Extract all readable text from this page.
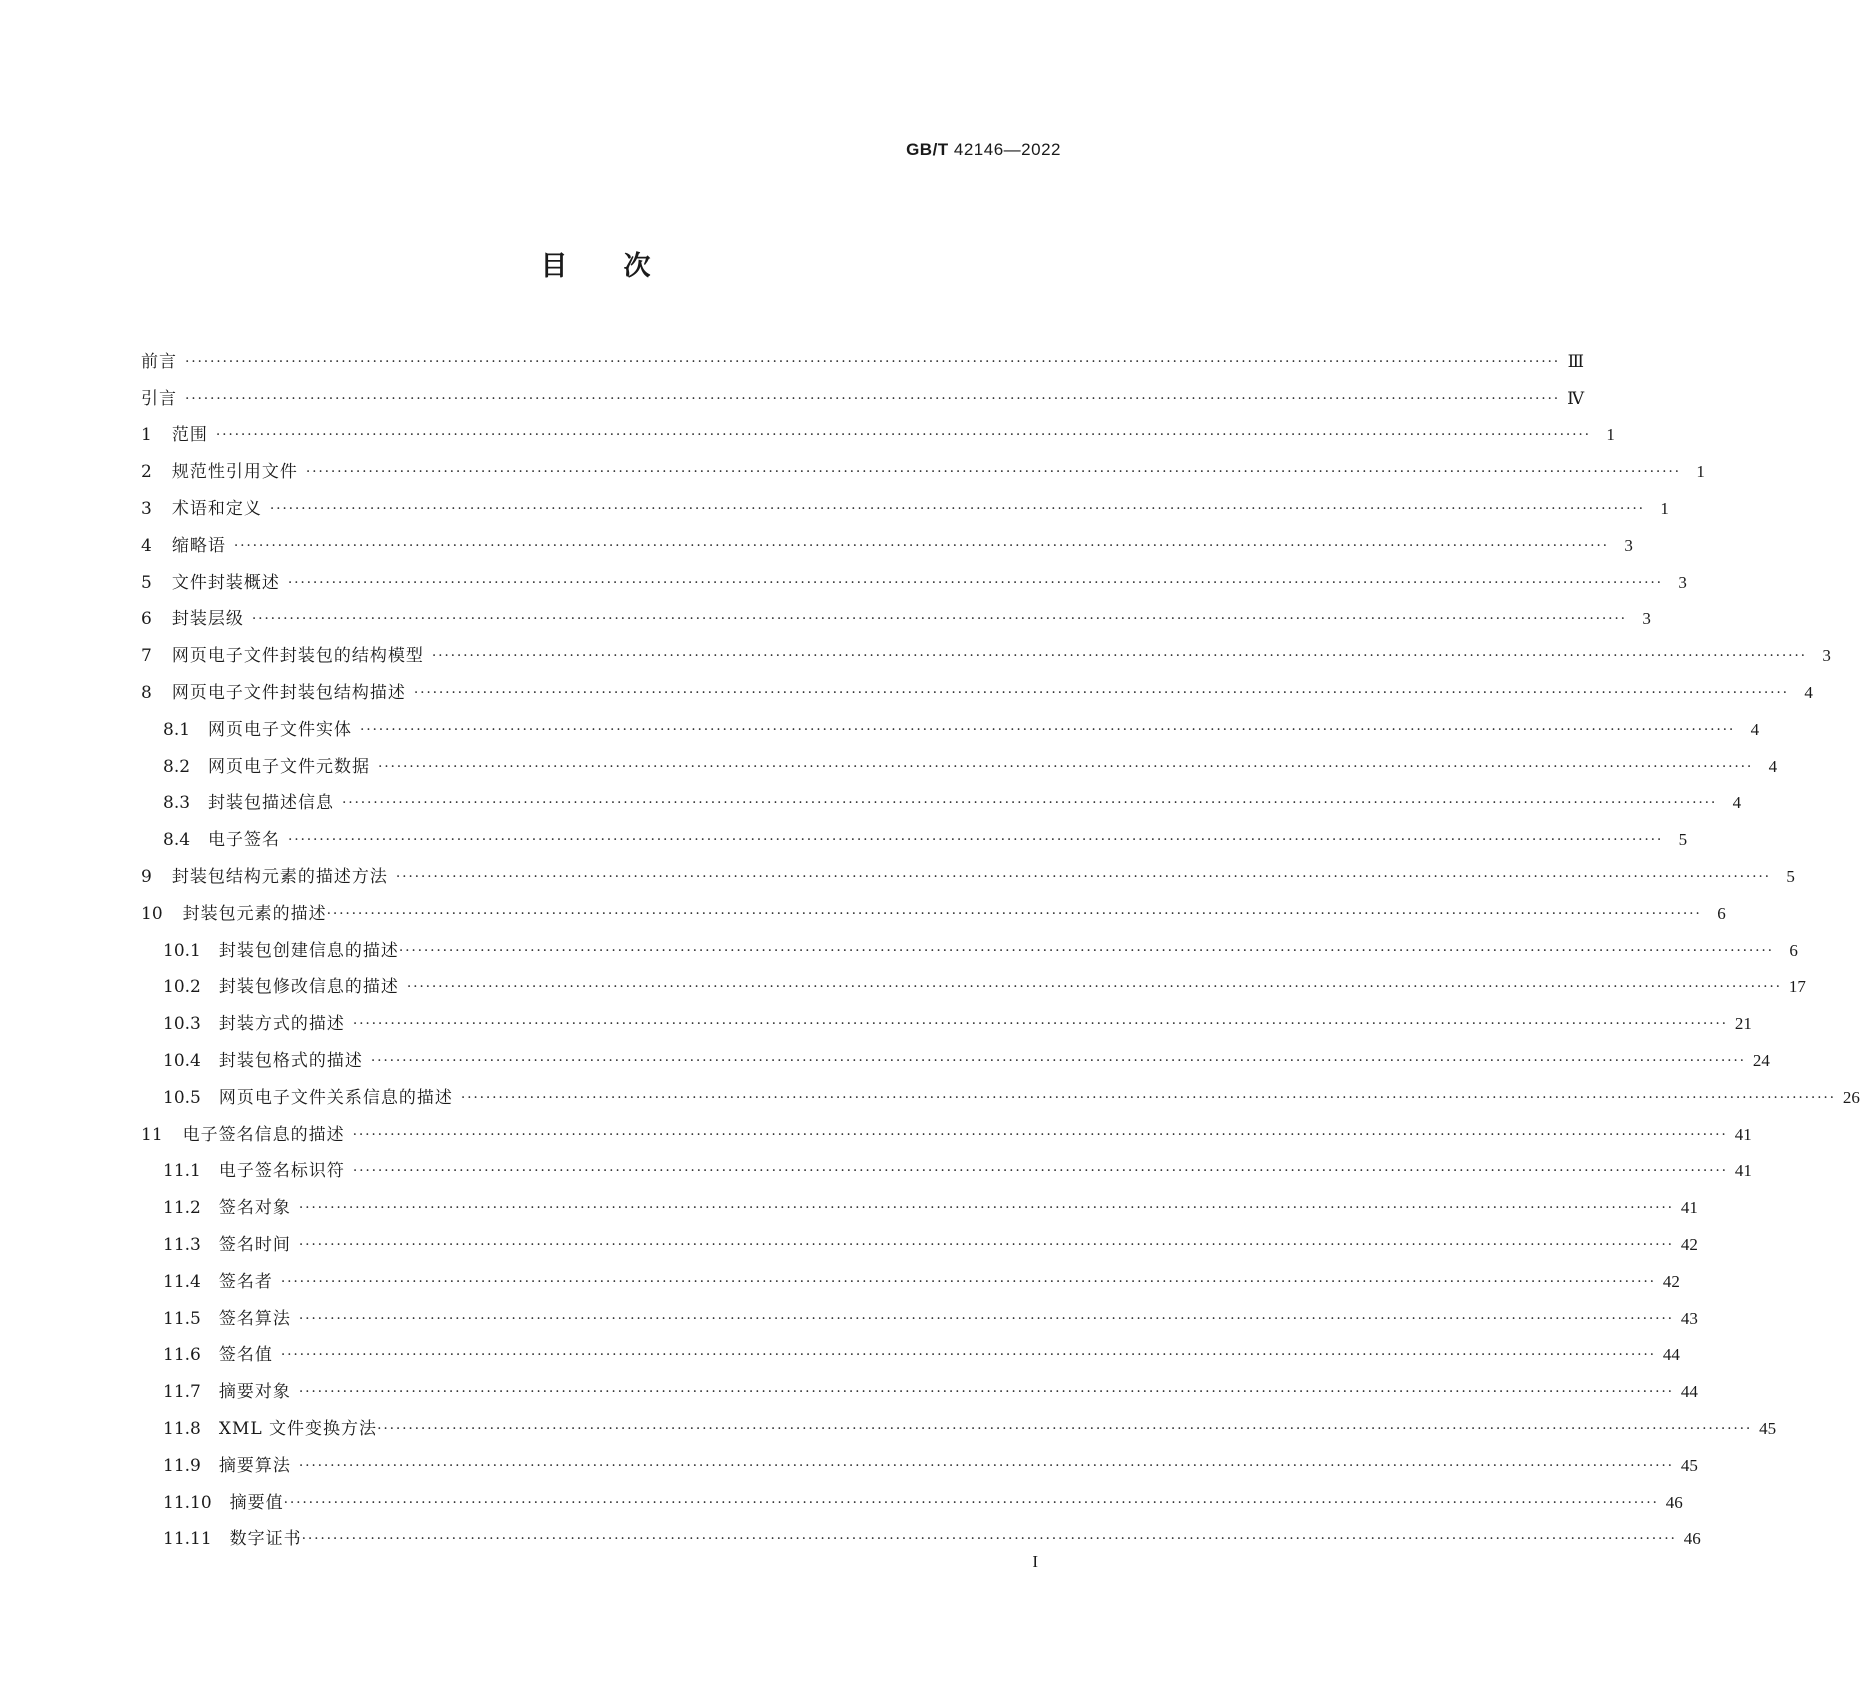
GB/T 42146—2022
目次
前言 ···························································································································································································································· Ⅲ
引言 ···························································································································································································································· Ⅳ
1 范围 ···························································································································································································································· 1
2 规范性引用文件 ···························································································································································································································· 1
3 术语和定义 ···························································································································································································································· 1
4 缩略语 ···························································································································································································································· 3
5 文件封装概述 ···························································································································································································································· 3
6 封装层级 ···························································································································································································································· 3
7 网页电子文件封装包的结构模型 ···························································································································································································································· 3
8 网页电子文件封装包结构描述 ···························································································································································································································· 4
8.1 网页电子文件实体 ···························································································································································································································· 4
8.2 网页电子文件元数据 ···························································································································································································································· 4
8.3 封装包描述信息 ···························································································································································································································· 4
8.4 电子签名 ···························································································································································································································· 5
9 封装包结构元素的描述方法 ···························································································································································································································· 5
10 封装包元素的描述 ···························································································································································································································· 6
10.1 封装包创建信息的描述 ···························································································································································································································· 6
10.2 封装包修改信息的描述 ···························································································································································································································· 17
10.3 封装方式的描述 ···························································································································································································································· 21
10.4 封装包格式的描述 ···························································································································································································································· 24
10.5 网页电子文件关系信息的描述 ···························································································································································································································· 26
11 电子签名信息的描述 ···························································································································································································································· 41
11.1 电子签名标识符 ···························································································································································································································· 41
11.2 签名对象 ···························································································································································································································· 41
11.3 签名时间 ···························································································································································································································· 42
11.4 签名者 ···························································································································································································································· 42
11.5 签名算法 ···························································································································································································································· 43
11.6 签名值 ···························································································································································································································· 44
11.7 摘要对象 ···························································································································································································································· 44
11.8 XML 文件变换方法 ···························································································································································································································· 45
11.9 摘要算法 ···························································································································································································································· 45
11.10 摘要值 ···························································································································································································································· 46
11.11 数字证书 ···························································································································································································································· 46
I
